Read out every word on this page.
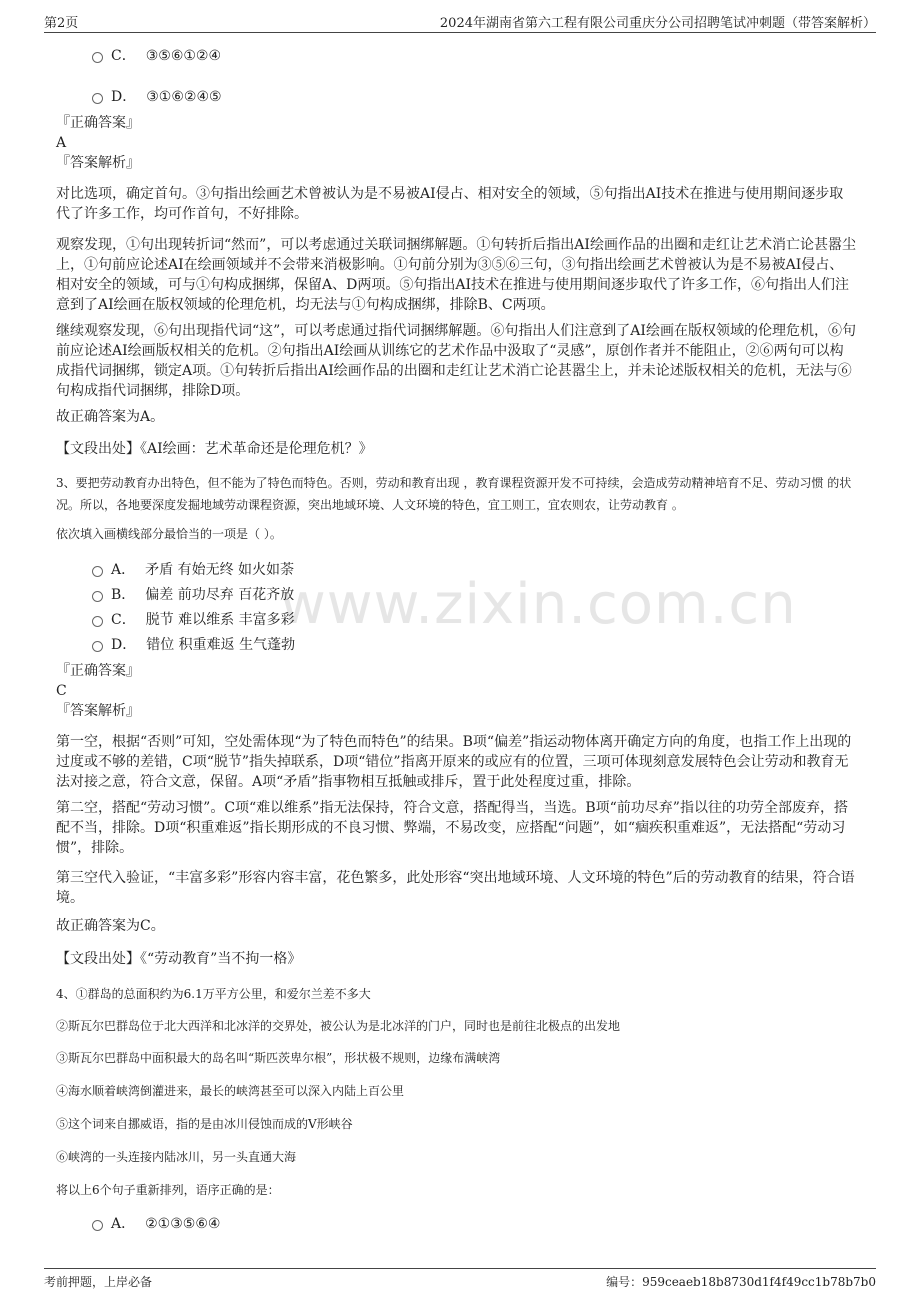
第2页	2024年湖南省第六工程有限公司重庆分公司招聘笔试冲刺题（带答案解析）
www.zixin.com.cn
C． ③⑤⑥①②④
D． ③①⑥②④⑤
『正确答案』
A
『答案解析』
对比选项，确定首句。③句指出绘画艺术曾被认为是不易被AI侵占、相对安全的领域，⑤句指出AI技术在推进与使用期间逐步取代了许多工作，均可作首句，不好排除。
观察发现，①句出现转折词“然而”，可以考虑通过关联词捆绑解题。①句转折后指出AI绘画作品的出圈和走红让艺术消亡论甚嚣尘上，①句前应论述AI在绘画领域并不会带来消极影响。①句前分别为③⑤⑥三句，③句指出绘画艺术曾被认为是不易被AI侵占、相对安全的领域，可与①句构成捆绑，保留A、D两项。⑤句指出AI技术在推进与使用期间逐步取代了许多工作，⑥句指出人们注意到了AI绘画在版权领域的伦理危机，均无法与①句构成捆绑，排除B、C两项。
继续观察发现，⑥句出现指代词“这”，可以考虑通过指代词捆绑解题。⑥句指出人们注意到了AI绘画在版权领域的伦理危机，⑥句前应论述AI绘画版权相关的危机。②句指出AI绘画从训练它的艺术作品中汲取了“灵感”，原创作者并不能阻止，②⑥两句可以构成指代词捆绑，锁定A项。①句转折后指出AI绘画作品的出圈和走红让艺术消亡论甚嚣尘上，并未论述版权相关的危机，无法与⑥句构成指代词捆绑，排除D项。
故正确答案为A。
【文段出处】《AI绘画：艺术革命还是伦理危机？》
3、要把劳动教育办出特色，但不能为了特色而特色。否则，劳动和教育出现 ，教育课程资源开发不可持续，会造成劳动精神培育不足、劳动习惯 的状况。所以，各地要深度发掘地域劳动课程资源，突出地域环境、人文环境的特色，宜工则工，宜农则农，让劳动教育 。
依次填入画横线部分最恰当的一项是（ ）。
A． 矛盾 有始无终 如火如荼
B． 偏差 前功尽弃 百花齐放
C． 脱节 难以维系 丰富多彩
D． 错位 积重难返 生气蓬勃
『正确答案』
C
『答案解析』
第一空，根据“否则”可知，空处需体现“为了特色而特色”的结果。B项“偏差”指运动物体离开确定方向的角度，也指工作上出现的过度或不够的差错，C项“脱节”指失掉联系，D项“错位”指离开原来的或应有的位置，三项可体现刻意发展特色会让劳动和教育无法对接之意，符合文意，保留。A项“矛盾”指事物相互抵触或排斥，置于此处程度过重，排除。
第二空，搭配“劳动习惯”。C项“难以维系”指无法保持，符合文意，搭配得当，当选。B项“前功尽弃”指以往的功劳全部废弃，搭配不当，排除。D项“积重难返”指长期形成的不良习惯、弊端，不易改变，应搭配“问题”，如“痼疾积重难返”，无法搭配“劳动习惯”，排除。
第三空代入验证，“丰富多彩”形容内容丰富，花色繁多，此处形容“突出地域环境、人文环境的特色”后的劳动教育的结果，符合语境。
故正确答案为C。
【文段出处】《“劳动教育”当不拘一格》
4、①群岛的总面积约为6.1万平方公里，和爱尔兰差不多大
②斯瓦尔巴群岛位于北大西洋和北冰洋的交界处，被公认为是北冰洋的门户，同时也是前往北极点的出发地
③斯瓦尔巴群岛中面积最大的岛名叫“斯匹茨卑尔根”，形状极不规则，边缘布满峡湾
④海水顺着峡湾倒灌进来，最长的峡湾甚至可以深入内陆上百公里
⑤这个词来自挪威语，指的是由冰川侵蚀而成的V形峡谷
⑥峡湾的一头连接内陆冰川，另一头直通大海
将以上6个句子重新排列，语序正确的是：
A． ②①③⑤⑥④
考前押题，上岸必备	编号：959ceaeb18b8730d1f4f49cc1b78b7b0
